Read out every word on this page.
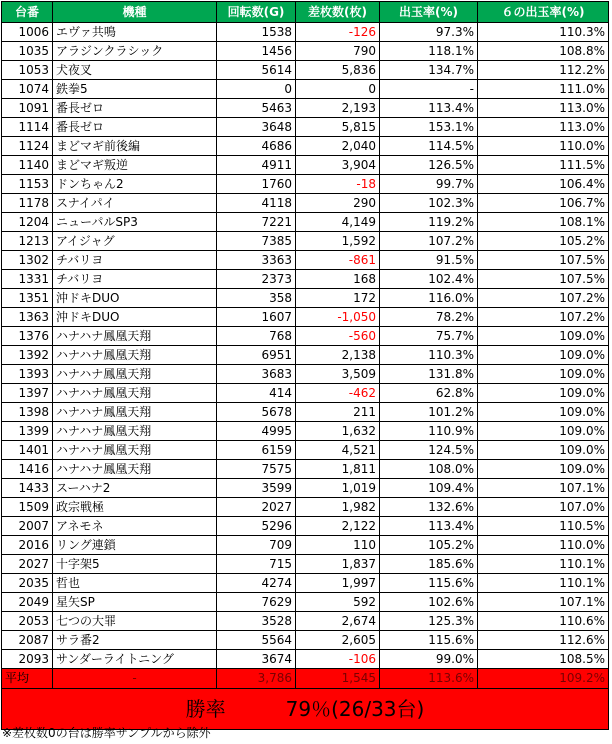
台番	機種	回転数(G)	差枚数(枚)	出玉率(%)	６の出玉率(%)
1006	エヴァ共鳴	1538	-126	97.3%	110.3%
1035	アラジンクラシック	1456	790	118.1%	108.8%
1053	犬夜叉	5614	5,836	134.7%	112.2%
1074	鉄拳5	0	0	-	111.0%
1091	番長ゼロ	5463	2,193	113.4%	113.0%
1114	番長ゼロ	3648	5,815	153.1%	113.0%
1124	まどマギ前後編	4686	2,040	114.5%	110.0%
1140	まどマギ叛逆	4911	3,904	126.5%	111.5%
1153	ドンちゃん2	1760	-18	99.7%	106.4%
1178	スナイパイ	4118	290	102.3%	106.7%
1204	ニューパルSP3	7221	4,149	119.2%	108.1%
1213	アイジャグ	7385	1,592	107.2%	105.2%
1302	チバリヨ	3363	-861	91.5%	107.5%
1331	チバリヨ	2373	168	102.4%	107.5%
1351	沖ドキDUO	358	172	116.0%	107.2%
1363	沖ドキDUO	1607	-1,050	78.2%	107.2%
1376	ハナハナ鳳凰天翔	768	-560	75.7%	109.0%
1392	ハナハナ鳳凰天翔	6951	2,138	110.3%	109.0%
1393	ハナハナ鳳凰天翔	3683	3,509	131.8%	109.0%
1397	ハナハナ鳳凰天翔	414	-462	62.8%	109.0%
1398	ハナハナ鳳凰天翔	5678	211	101.2%	109.0%
1399	ハナハナ鳳凰天翔	4995	1,632	110.9%	109.0%
1401	ハナハナ鳳凰天翔	6159	4,521	124.5%	109.0%
1416	ハナハナ鳳凰天翔	7575	1,811	108.0%	109.0%
1433	スーハナ2	3599	1,019	109.4%	107.1%
1509	政宗戦極	2027	1,982	132.6%	107.0%
2007	アネモネ	5296	2,122	113.4%	110.5%
2016	リング連鎖	709	110	105.2%	110.0%
2027	十字架5	715	1,837	185.6%	110.1%
2035	哲也	4274	1,997	115.6%	110.1%
2049	星矢SP	7629	592	102.6%	107.1%
2053	七つの大罪	3528	2,674	125.3%	110.6%
2087	サラ番2	5564	2,605	115.6%	112.6%
2093	サンダーライトニング	3674	-106	99.0%	108.5%
平均	-	3,786	1,545	113.6%	109.2%
勝率 79％(26/33台)					
※差枚数0の台は勝率サンプルから除外
